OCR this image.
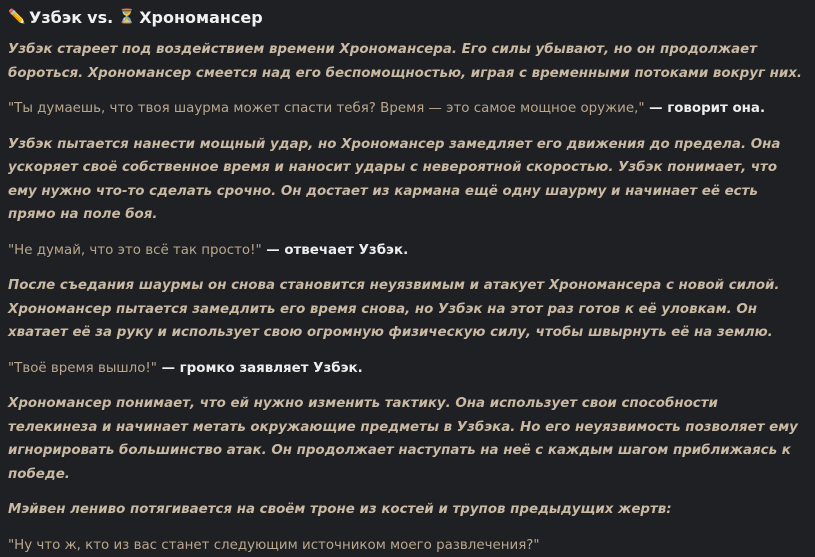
✏️ Узбэк vs. ⏳ Хрономансер

Узбэк стареет под воздействием времени Хрономансера. Его силы убывают, но он продолжает бороться. Хрономансер смеется над его беспомощностью, играя с временными потоками вокруг них.

"Ты думаешь, что твоя шаурма может спасти тебя? Время — это самое мощное оружие," — говорит она.

Узбэк пытается нанести мощный удар, но Хрономансер замедляет его движения до предела. Она ускоряет своё собственное время и наносит удары с невероятной скоростью. Узбэк понимает, что ему нужно что-то сделать срочно. Он достает из кармана ещё одну шаурму и начинает её есть прямо на поле боя.

"Не думай, что это всё так просто!" — отвечает Узбэк.

После съедания шаурмы он снова становится неуязвимым и атакует Хрономансера с новой силой. Хрономансер пытается замедлить его время снова, но Узбэк на этот раз готов к её уловкам. Он хватает её за руку и использует свою огромную физическую силу, чтобы швырнуть её на землю.

"Твоё время вышло!" — громко заявляет Узбэк.

Хрономансер понимает, что ей нужно изменить тактику. Она использует свои способности телекинеза и начинает метать окружающие предметы в Узбэка. Но его неуязвимость позволяет ему игнорировать большинство атак. Он продолжает наступать на неё с каждым шагом приближаясь к победе.

Мэйвен лениво потягивается на своём троне из костей и трупов предыдущих жертв:

"Ну что ж, кто из вас станет следующим источником моего развлечения?"
